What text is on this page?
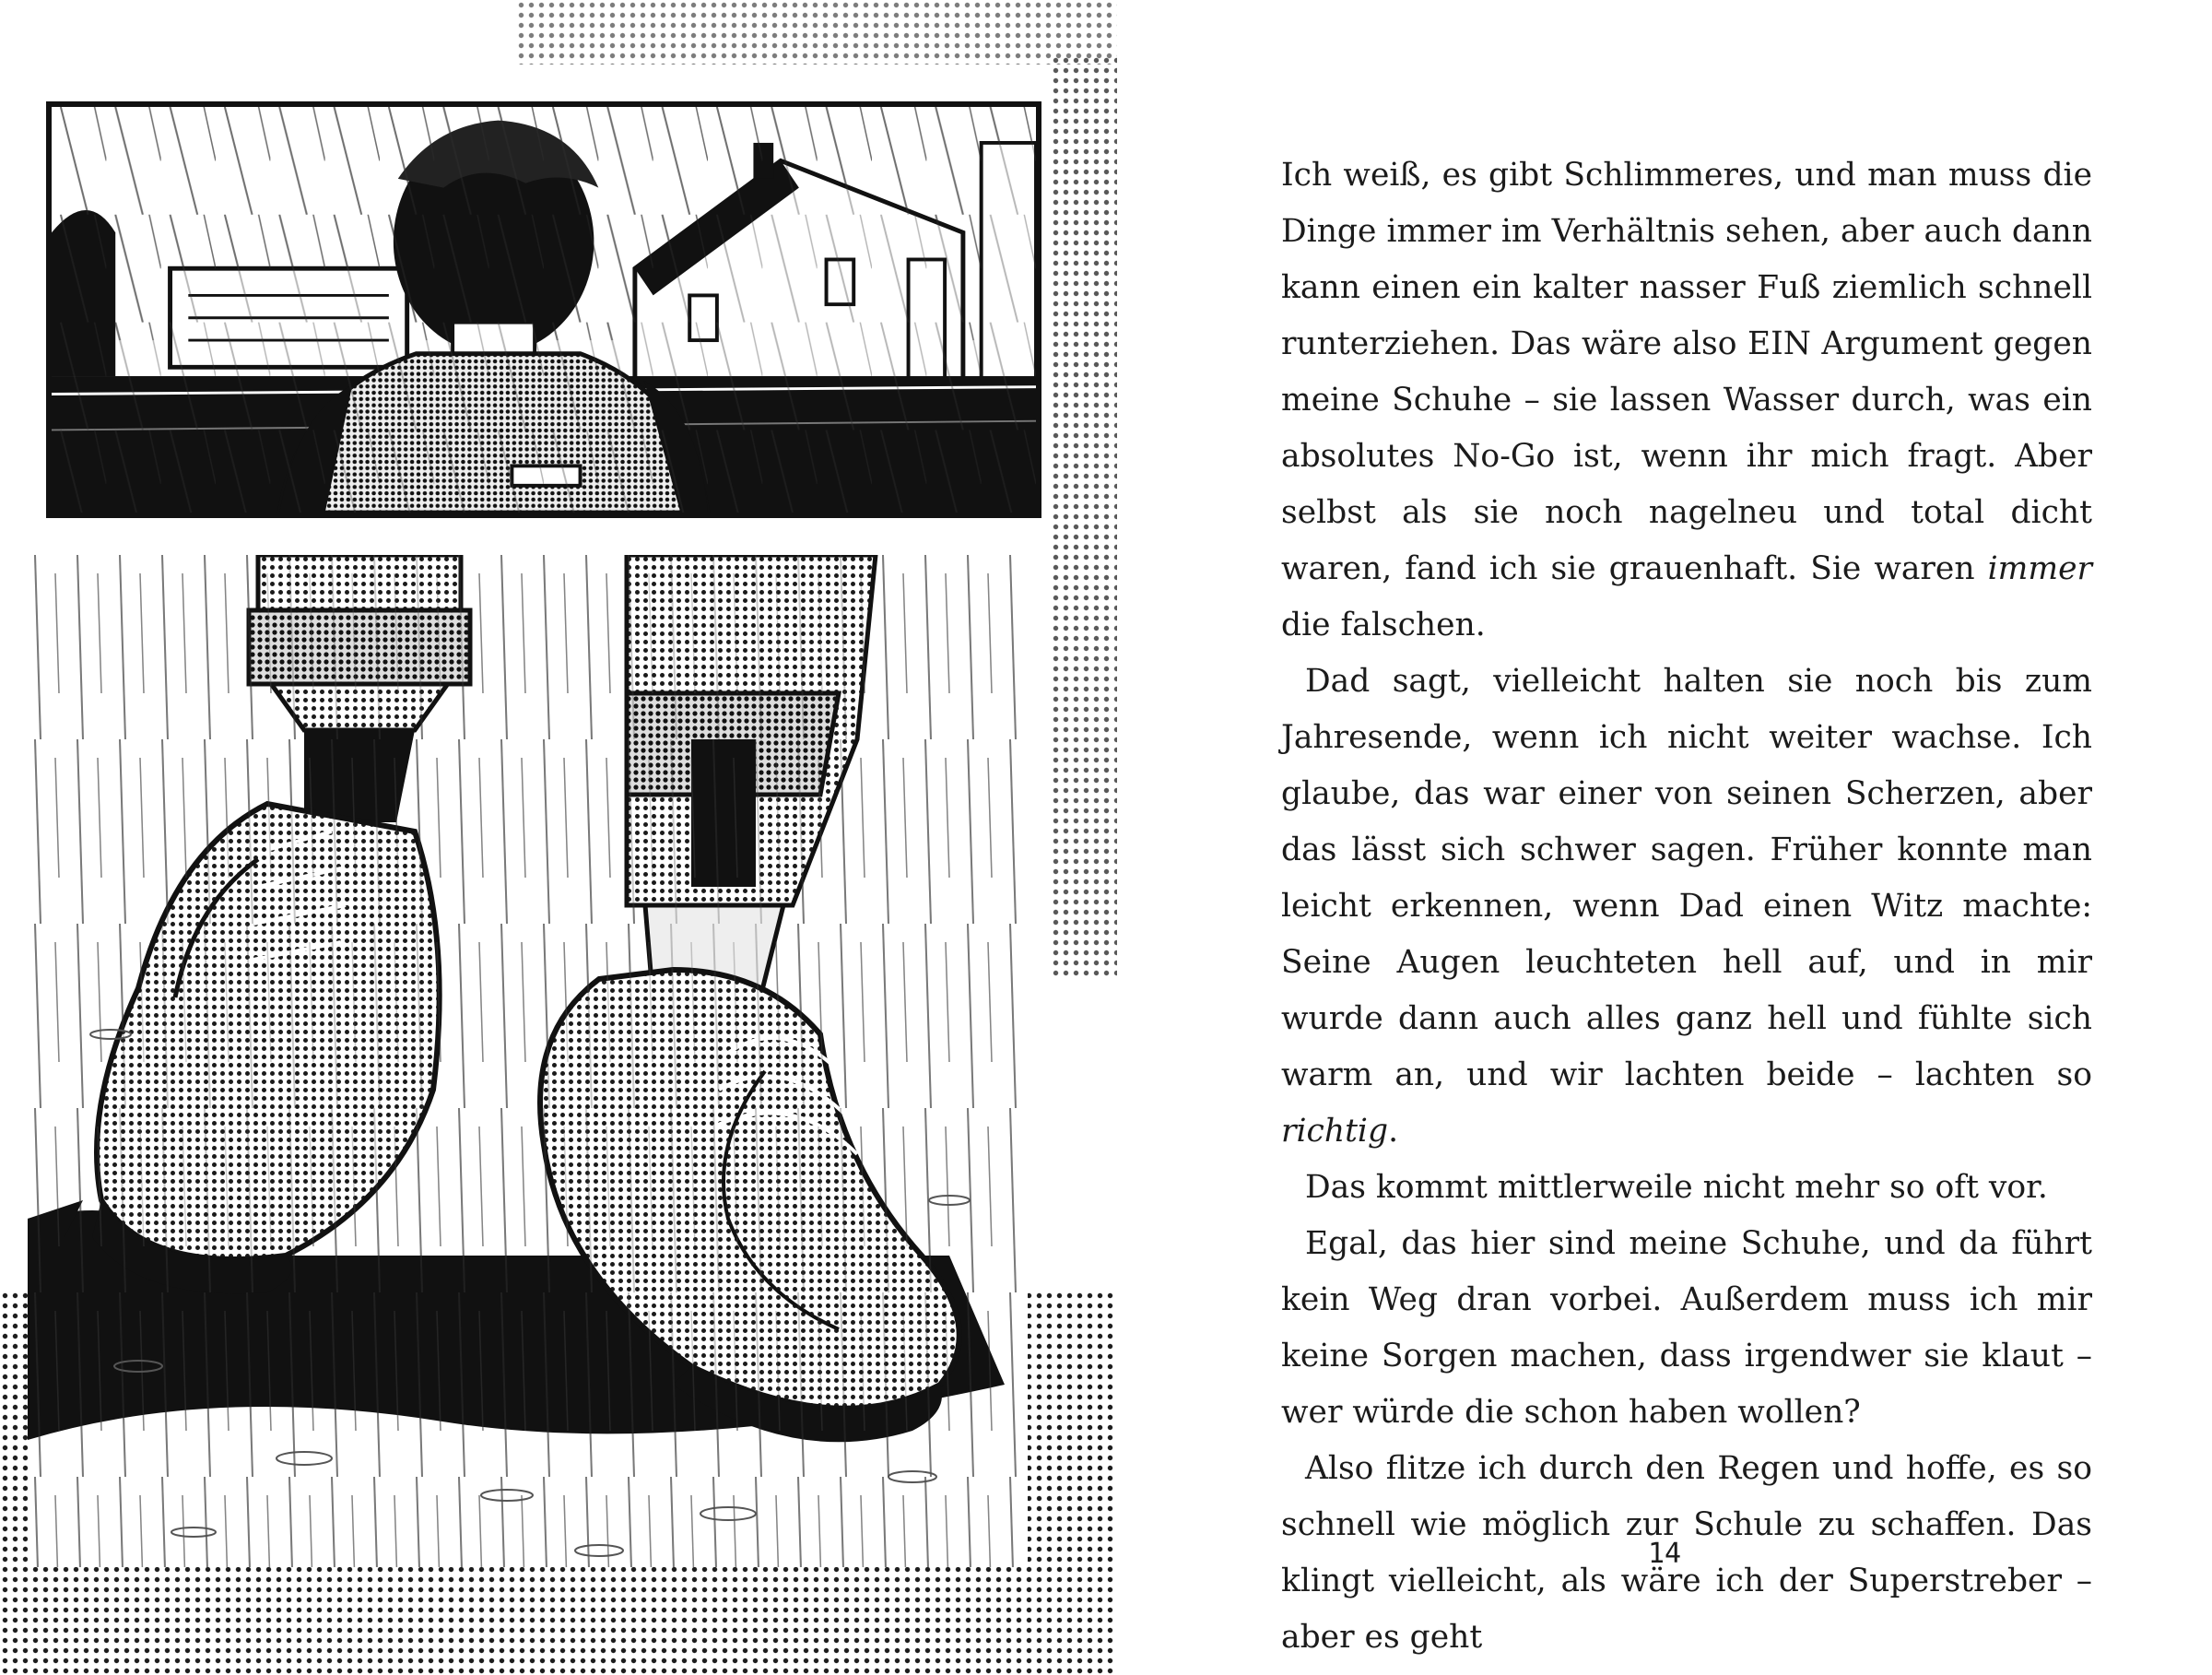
Ich weiß, es gibt Schlimmeres, und man muss die Dinge immer im Verhältnis sehen, aber auch dann kann einen ein kalter nasser Fuß ziemlich schnell runterziehen. Das wäre also EIN Argument gegen meine Schuhe – sie lassen Wasser durch, was ein absolutes No-Go ist, wenn ihr mich fragt. Aber selbst als sie noch nagelneu und total dicht waren, fand ich sie grauenhaft. Sie waren immer die falschen.

Dad sagt, vielleicht halten sie noch bis zum Jahresende, wenn ich nicht weiter wachse. Ich glaube, das war einer von seinen Scherzen, aber das lässt sich schwer sagen. Früher konnte man leicht erkennen, wenn Dad einen Witz machte: Seine Augen leuchteten hell auf, und in mir wurde dann auch alles ganz hell und fühlte sich warm an, und wir lachten beide – lachten so richtig.

Das kommt mittlerweile nicht mehr so oft vor.

Egal, das hier sind meine Schuhe, und da führt kein Weg dran vorbei. Außerdem muss ich mir keine Sorgen machen, dass irgendwer sie klaut – wer würde die schon haben wollen?

Also flitze ich durch den Regen und hoffe, es so schnell wie möglich zur Schule zu schaffen. Das klingt vielleicht, als wäre ich der Superstreber – aber es geht

14
